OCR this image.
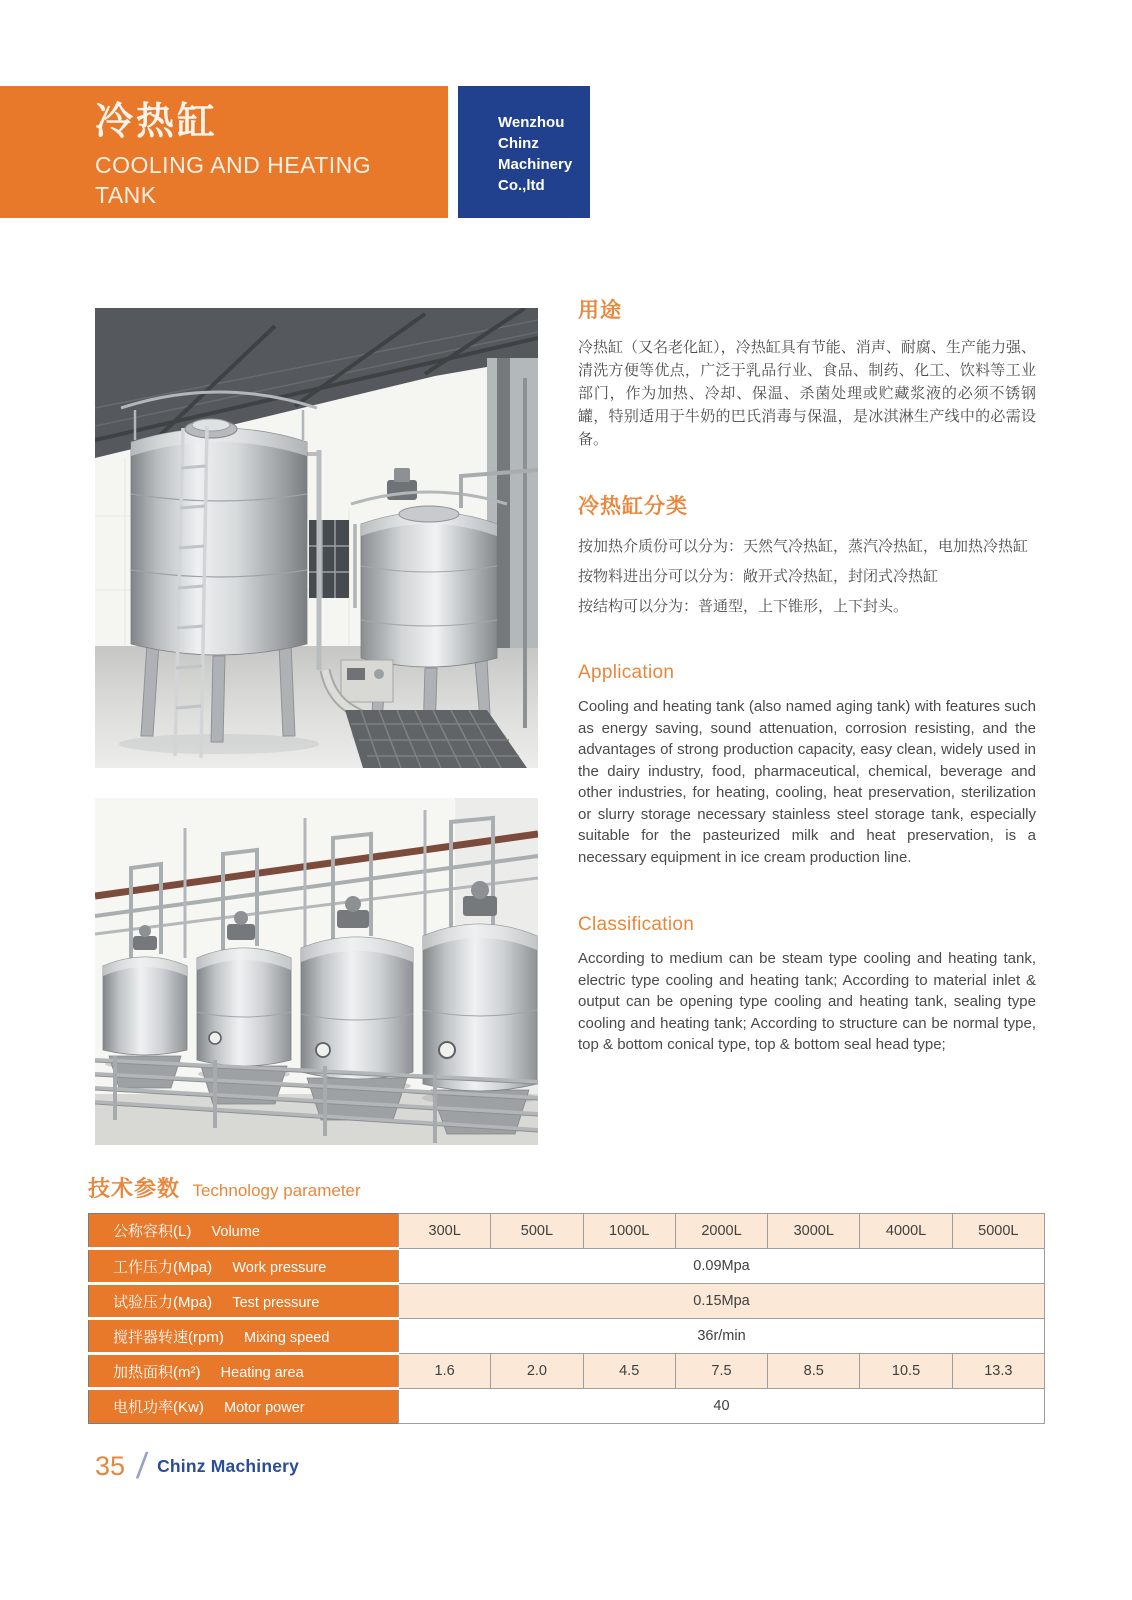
冷热缸
COOLING AND HEATING
TANK
Wenzhou
Chinz
Machinery
Co.,ltd
用途

冷热缸（又名老化缸），冷热缸具有节能、消声、耐腐、生产能力强、清洗方便等优点，广泛于乳品行业、食品、制药、化工、饮料等工业部门，作为加热、冷却、保温、杀菌处理或贮藏浆液的必须不锈钢罐，特别适用于牛奶的巴氏消毒与保温，是冰淇淋生产线中的必需设备。

冷热缸分类
按加热介质份可以分为：天然气冷热缸，蒸汽冷热缸，电加热冷热缸
按物料进出分可以分为：敞开式冷热缸，封闭式冷热缸
按结构可以分为：普通型，上下锥形，上下封头。
Application

Cooling and heating tank (also named aging tank) with features such as energy saving, sound attenuation, corrosion resisting, and the advantages of strong production capacity, easy clean, widely used in the dairy industry, food, pharmaceutical, chemical, beverage and other industries, for heating, cooling, heat preservation, sterilization or slurry storage necessary stainless steel storage tank, especially suitable for the pasteurized milk and heat preservation, is a necessary equipment in ice cream production line.

Classification

According to medium can be steam type cooling and heating tank, electric type cooling and heating tank; According to material inlet & output can be opening type cooling and heating tank, sealing type cooling and heating tank; According to structure can be normal type, top & bottom conical type, top & bottom seal head type;

技术参数 Technology parameter
公称容积(L) Volume	300L	500L	1000L	2000L	3000L	4000L	5000L
工作压力(Mpa) Work pressure	0.09Mpa						
试验压力(Mpa) Test pressure	0.15Mpa						
搅拌器转速(rpm) Mixing speed	36r/min						
加热面积(m²) Heating area	1.6	2.0	4.5	7.5	8.5	10.5	13.3
电机功率(Kw) Motor power	40						
35 / Chinz Machinery
